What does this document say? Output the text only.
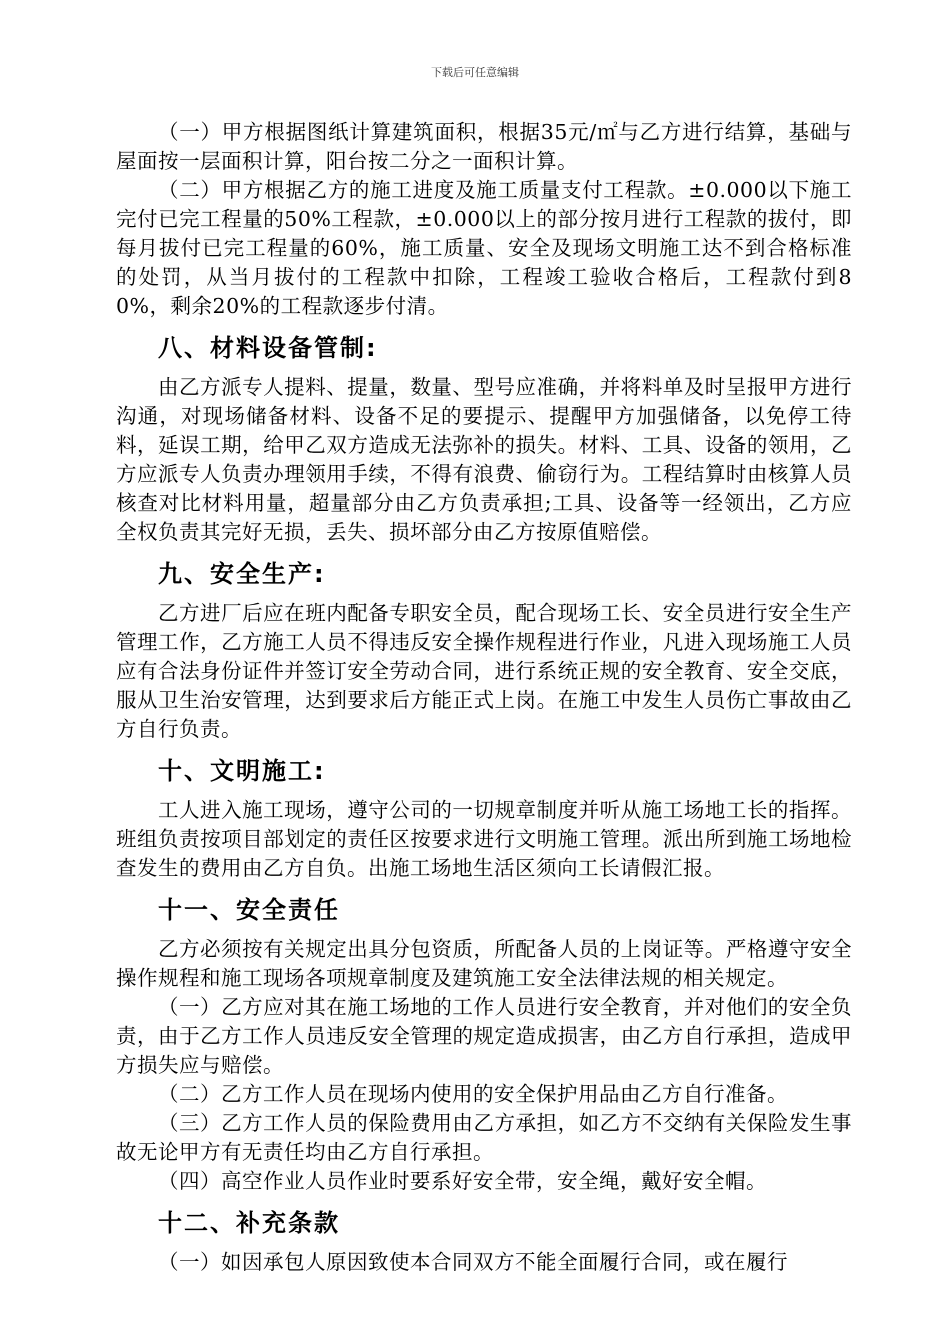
下载后可任意编辑

（一）甲方根据图纸计算建筑面积，根据35元/㎡与乙方进行结算，基础与屋面按一层面积计算，阳台按二分之一面积计算。

（二）甲方根据乙方的施工进度及施工质量支付工程款。±0.000以下施工完付已完工程量的50%工程款，±0.000以上的部分按月进行工程款的拔付，即每月拔付已完工程量的60%，施工质量、安全及现场文明施工达不到合格标准的处罚，从当月拔付的工程款中扣除，工程竣工验收合格后，工程款付到80%，剩余20%的工程款逐步付清。

八、材料设备管制:

由乙方派专人提料、提量，数量、型号应准确，并将料单及时呈报甲方进行沟通，对现场储备材料、设备不足的要提示、提醒甲方加强储备，以免停工待料，延误工期，给甲乙双方造成无法弥补的损失。材料、工具、设备的领用，乙方应派专人负责办理领用手续，不得有浪费、偷窃行为。工程结算时由核算人员核查对比材料用量，超量部分由乙方负责承担;工具、设备等一经领出，乙方应全权负责其完好无损，丢失、损坏部分由乙方按原值赔偿。

九、安全生产:

乙方进厂后应在班内配备专职安全员，配合现场工长、安全员进行安全生产管理工作，乙方施工人员不得违反安全操作规程进行作业，凡进入现场施工人员应有合法身份证件并签订安全劳动合同，进行系统正规的安全教育、安全交底，服从卫生治安管理，达到要求后方能正式上岗。在施工中发生人员伤亡事故由乙方自行负责。

十、文明施工:

工人进入施工现场，遵守公司的一切规章制度并听从施工场地工长的指挥。班组负责按项目部划定的责任区按要求进行文明施工管理。派出所到施工场地检查发生的费用由乙方自负。出施工场地生活区须向工长请假汇报。

十一、安全责任

乙方必须按有关规定出具分包资质，所配备人员的上岗证等。严格遵守安全操作规程和施工现场各项规章制度及建筑施工安全法律法规的相关规定。

（一）乙方应对其在施工场地的工作人员进行安全教育，并对他们的安全负责，由于乙方工作人员违反安全管理的规定造成损害，由乙方自行承担，造成甲方损失应与赔偿。

（二）乙方工作人员在现场内使用的安全保护用品由乙方自行准备。

（三）乙方工作人员的保险费用由乙方承担，如乙方不交纳有关保险发生事故无论甲方有无责任均由乙方自行承担。

（四）高空作业人员作业时要系好安全带，安全绳，戴好安全帽。

十二、补充条款

（一）如因承包人原因致使本合同双方不能全面履行合同，或在履行
